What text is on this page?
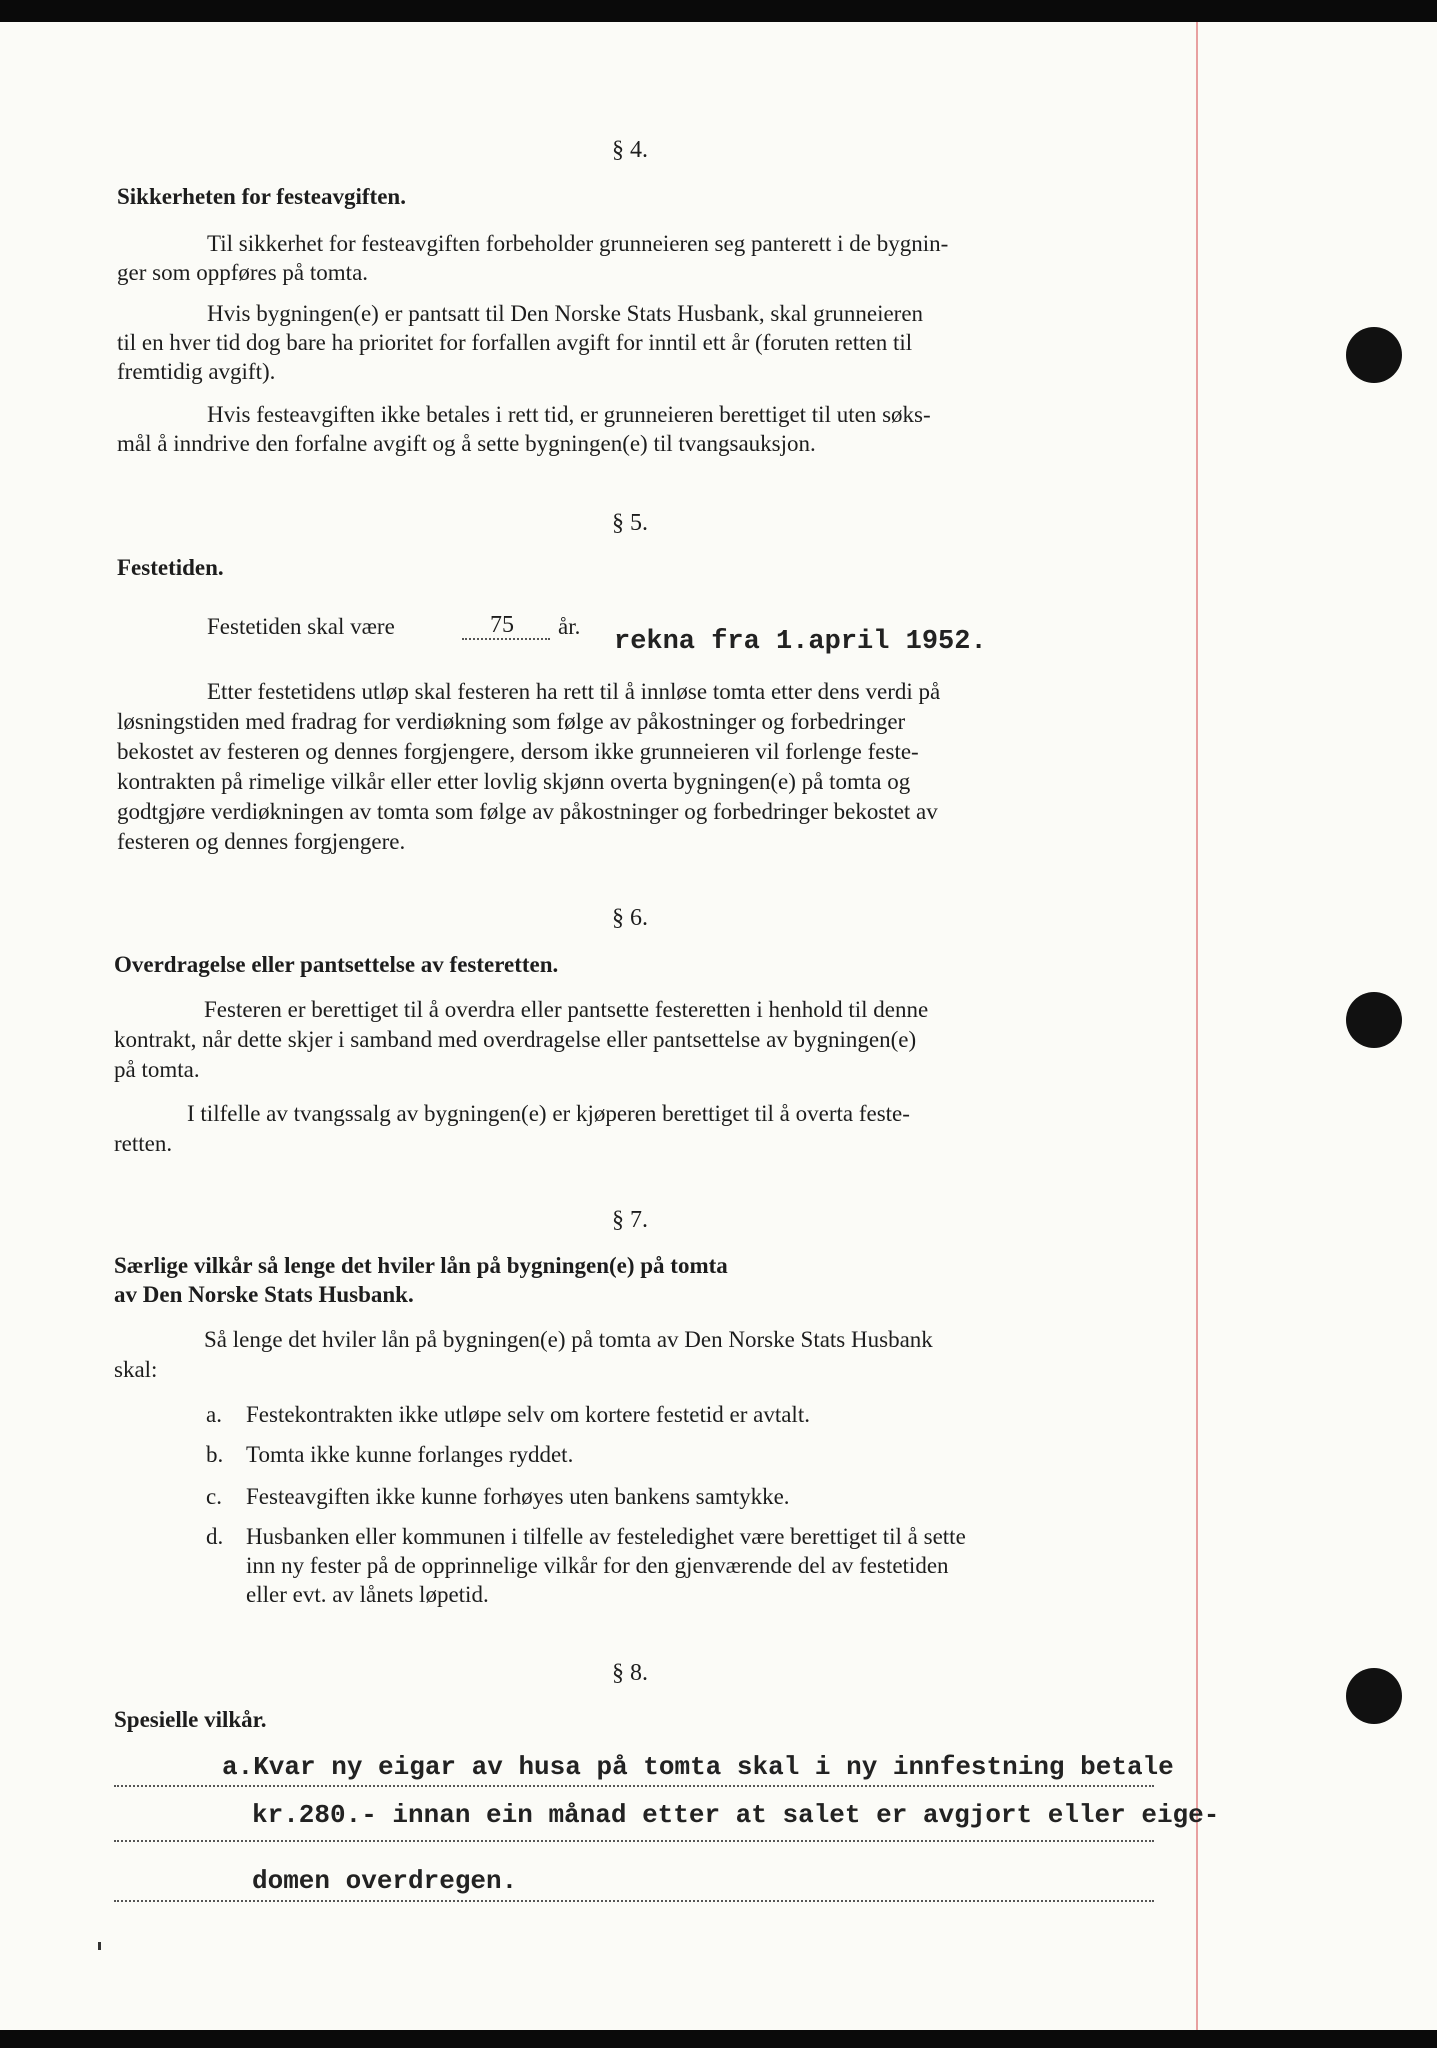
§ 4.
Sikkerheten for festeavgiften.
Til sikkerhet for festeavgiften forbeholder grunneieren seg panterett i de bygnin-
ger som oppføres på tomta.
Hvis bygningen(e) er pantsatt til Den Norske Stats Husbank, skal grunneieren
til en hver tid dog bare ha prioritet for forfallen avgift for inntil ett år (foruten retten til
fremtidig avgift).
Hvis festeavgiften ikke betales i rett tid, er grunneieren berettiget til uten søks-
mål å inndrive den forfalne avgift og å sette bygningen(e) til tvangsauksjon.
§ 5.
Festetiden.
Festetiden skal være	75 år.
rekna fra 1.april 1952.
Etter festetidens utløp skal festeren ha rett til å innløse tomta etter dens verdi på
løsningstiden med fradrag for verdiøkning som følge av påkostninger og forbedringer
bekostet av festeren og dennes forgjengere, dersom ikke grunneieren vil forlenge feste-
kontrakten på rimelige vilkår eller etter lovlig skjønn overta bygningen(e) på tomta og
godtgjøre verdiøkningen av tomta som følge av påkostninger og forbedringer bekostet av
festeren og dennes forgjengere.
§ 6.
Overdragelse eller pantsettelse av festeretten.
Festeren er berettiget til å overdra eller pantsette festeretten i henhold til denne
kontrakt, når dette skjer i samband med overdragelse eller pantsettelse av bygningen(e)
på tomta.
I tilfelle av tvangssalg av bygningen(e) er kjøperen berettiget til å overta feste-
retten.
§ 7.
Særlige vilkår så lenge det hviler lån på bygningen(e) på tomta
av Den Norske Stats Husbank.
Så lenge det hviler lån på bygningen(e) på tomta av Den Norske Stats Husbank
skal:
a. Festekontrakten ikke utløpe selv om kortere festetid er avtalt.
b. Tomta ikke kunne forlanges ryddet.
c. Festeavgiften ikke kunne forhøyes uten bankens samtykke.
d. Husbanken eller kommunen i tilfelle av festeledighet være berettiget til å sette
inn ny fester på de opprinnelige vilkår for den gjenværende del av festetiden
eller evt. av lånets løpetid.
§ 8.
Spesielle vilkår.
a.Kvar ny eigar av husa på tomta skal i ny innfestning betale
kr.280.- innan ein månad etter at salet er avgjort eller eige-
domen overdregen.
